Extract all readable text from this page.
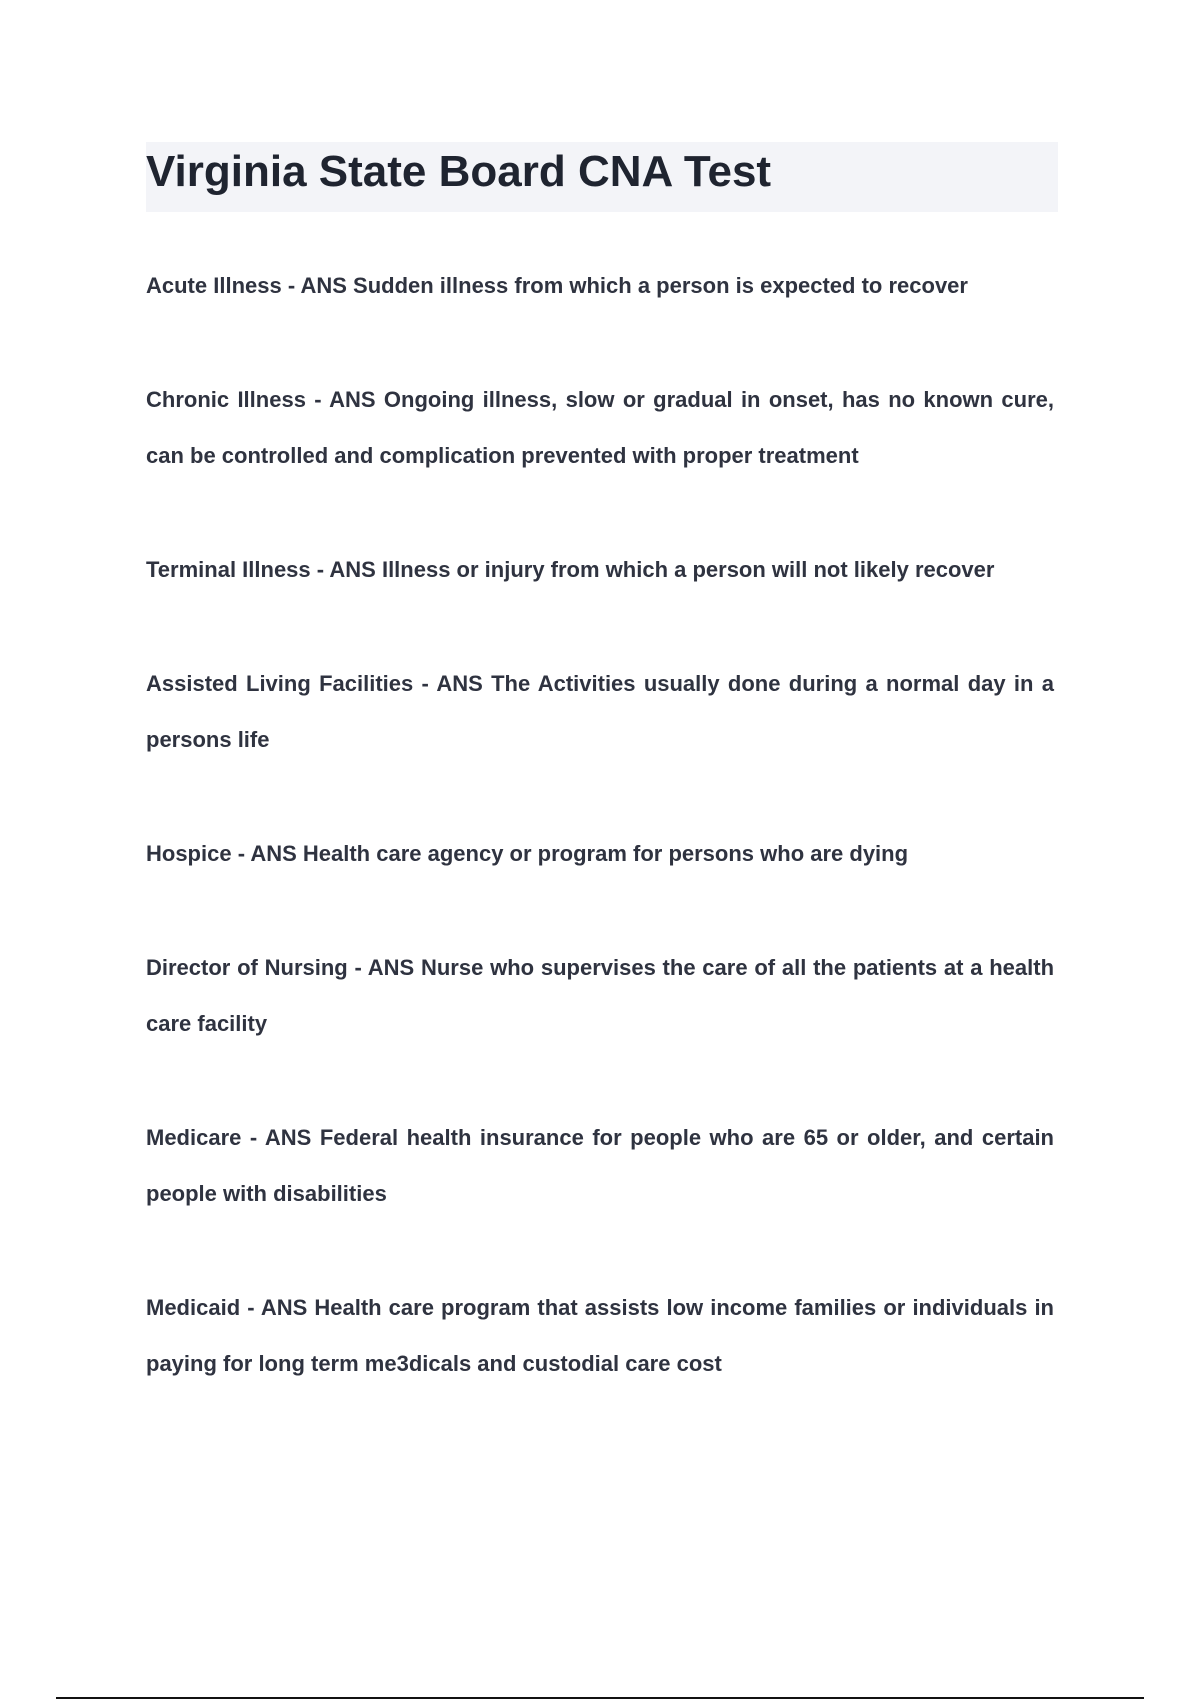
Virginia State Board CNA Test

Acute Illness - ANS Sudden illness from which a person is expected to recover

Chronic Illness - ANS Ongoing illness, slow or gradual in onset, has no known cure, can be controlled and complication prevented with proper treatment

Terminal Illness - ANS Illness or injury from which a person will not likely recover

Assisted Living Facilities - ANS The Activities usually done during a normal day in a persons life

Hospice - ANS Health care agency or program for persons who are dying

Director of Nursing - ANS Nurse who supervises the care of all the patients at a health care facility

Medicare - ANS Federal health insurance for people who are 65 or older, and certain people with disabilities

Medicaid - ANS Health care program that assists low income families or individuals in paying for long term me3dicals and custodial care cost
